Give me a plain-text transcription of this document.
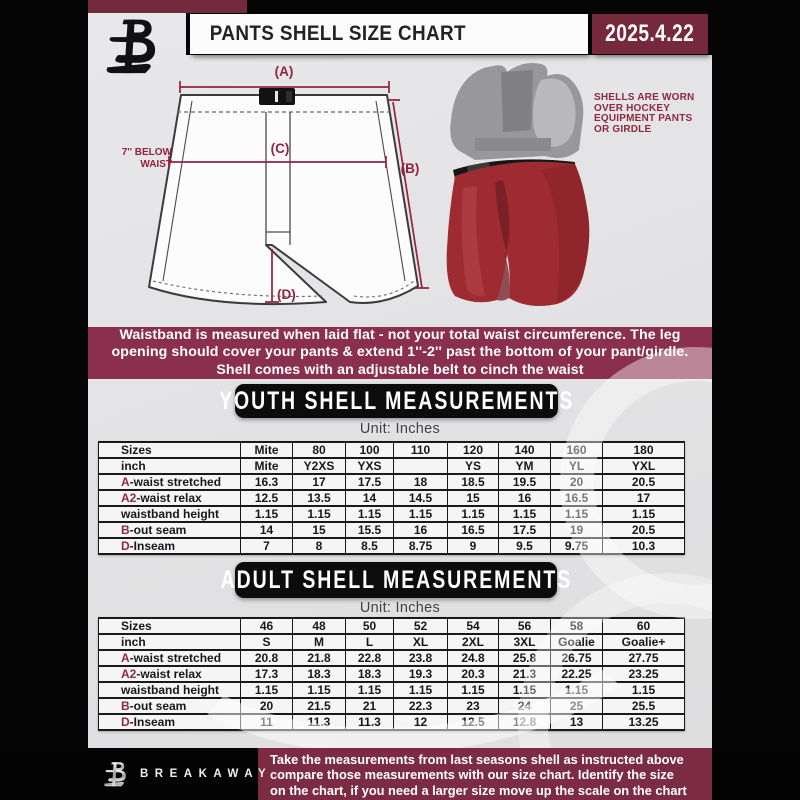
(A)
(C)
(B)
(D)
7'' BELOW
WAIST
SHELLS ARE WORN
OVER HOCKEY
EQUIPMENT PANTS
OR GIRDLE
Waistband is measured when laid flat - not your total waist circumference. The leg
opening should cover your pants & extend 1''-2'' past the bottom of your pant/girdle.
Shell comes with an adjustable belt to cinch the waist
YOUTH SHELL MEASUREMENTS
Unit: Inches
Sizes	Mite	80	100	110	120	140	160	180
inch	Mite	Y2XS	YXS		YS	YM	YL	YXL
A-waist stretched	16.3	17	17.5	18	18.5	19.5	20	20.5
A2-waist relax	12.5	13.5	14	14.5	15	16	16.5	17
waistband height	1.15	1.15	1.15	1.15	1.15	1.15	1.15	1.15
B-out seam	14	15	15.5	16	16.5	17.5	19	20.5
D-Inseam	7	8	8.5	8.75	9	9.5	9.75	10.3
ADULT SHELL MEASUREMENTS
Unit: Inches
Sizes	46	48	50	52	54	56	58	60
inch	S	M	L	XL	2XL	3XL	Goalie	Goalie+
A-waist stretched	20.8	21.8	22.8	23.8	24.8	25.8	26.75	27.75
A2-waist relax	17.3	18.3	18.3	19.3	20.3	21.3	22.25	23.25
waistband height	1.15	1.15	1.15	1.15	1.15	1.15	1.15	1.15
B-out seam	20	21.5	21	22.3	23	24	25	25.5
D-Inseam	11	11.3	11.3	12	12.5	12.8	13	13.25
PANTS SHELL SIZE CHART	2025.4.22
Take the measurements from last seasons shell as instructed above
compare those measurements with our size chart. Identify the size
on the chart, if you need a larger size move up the scale on the chart
BREAKAWAY
